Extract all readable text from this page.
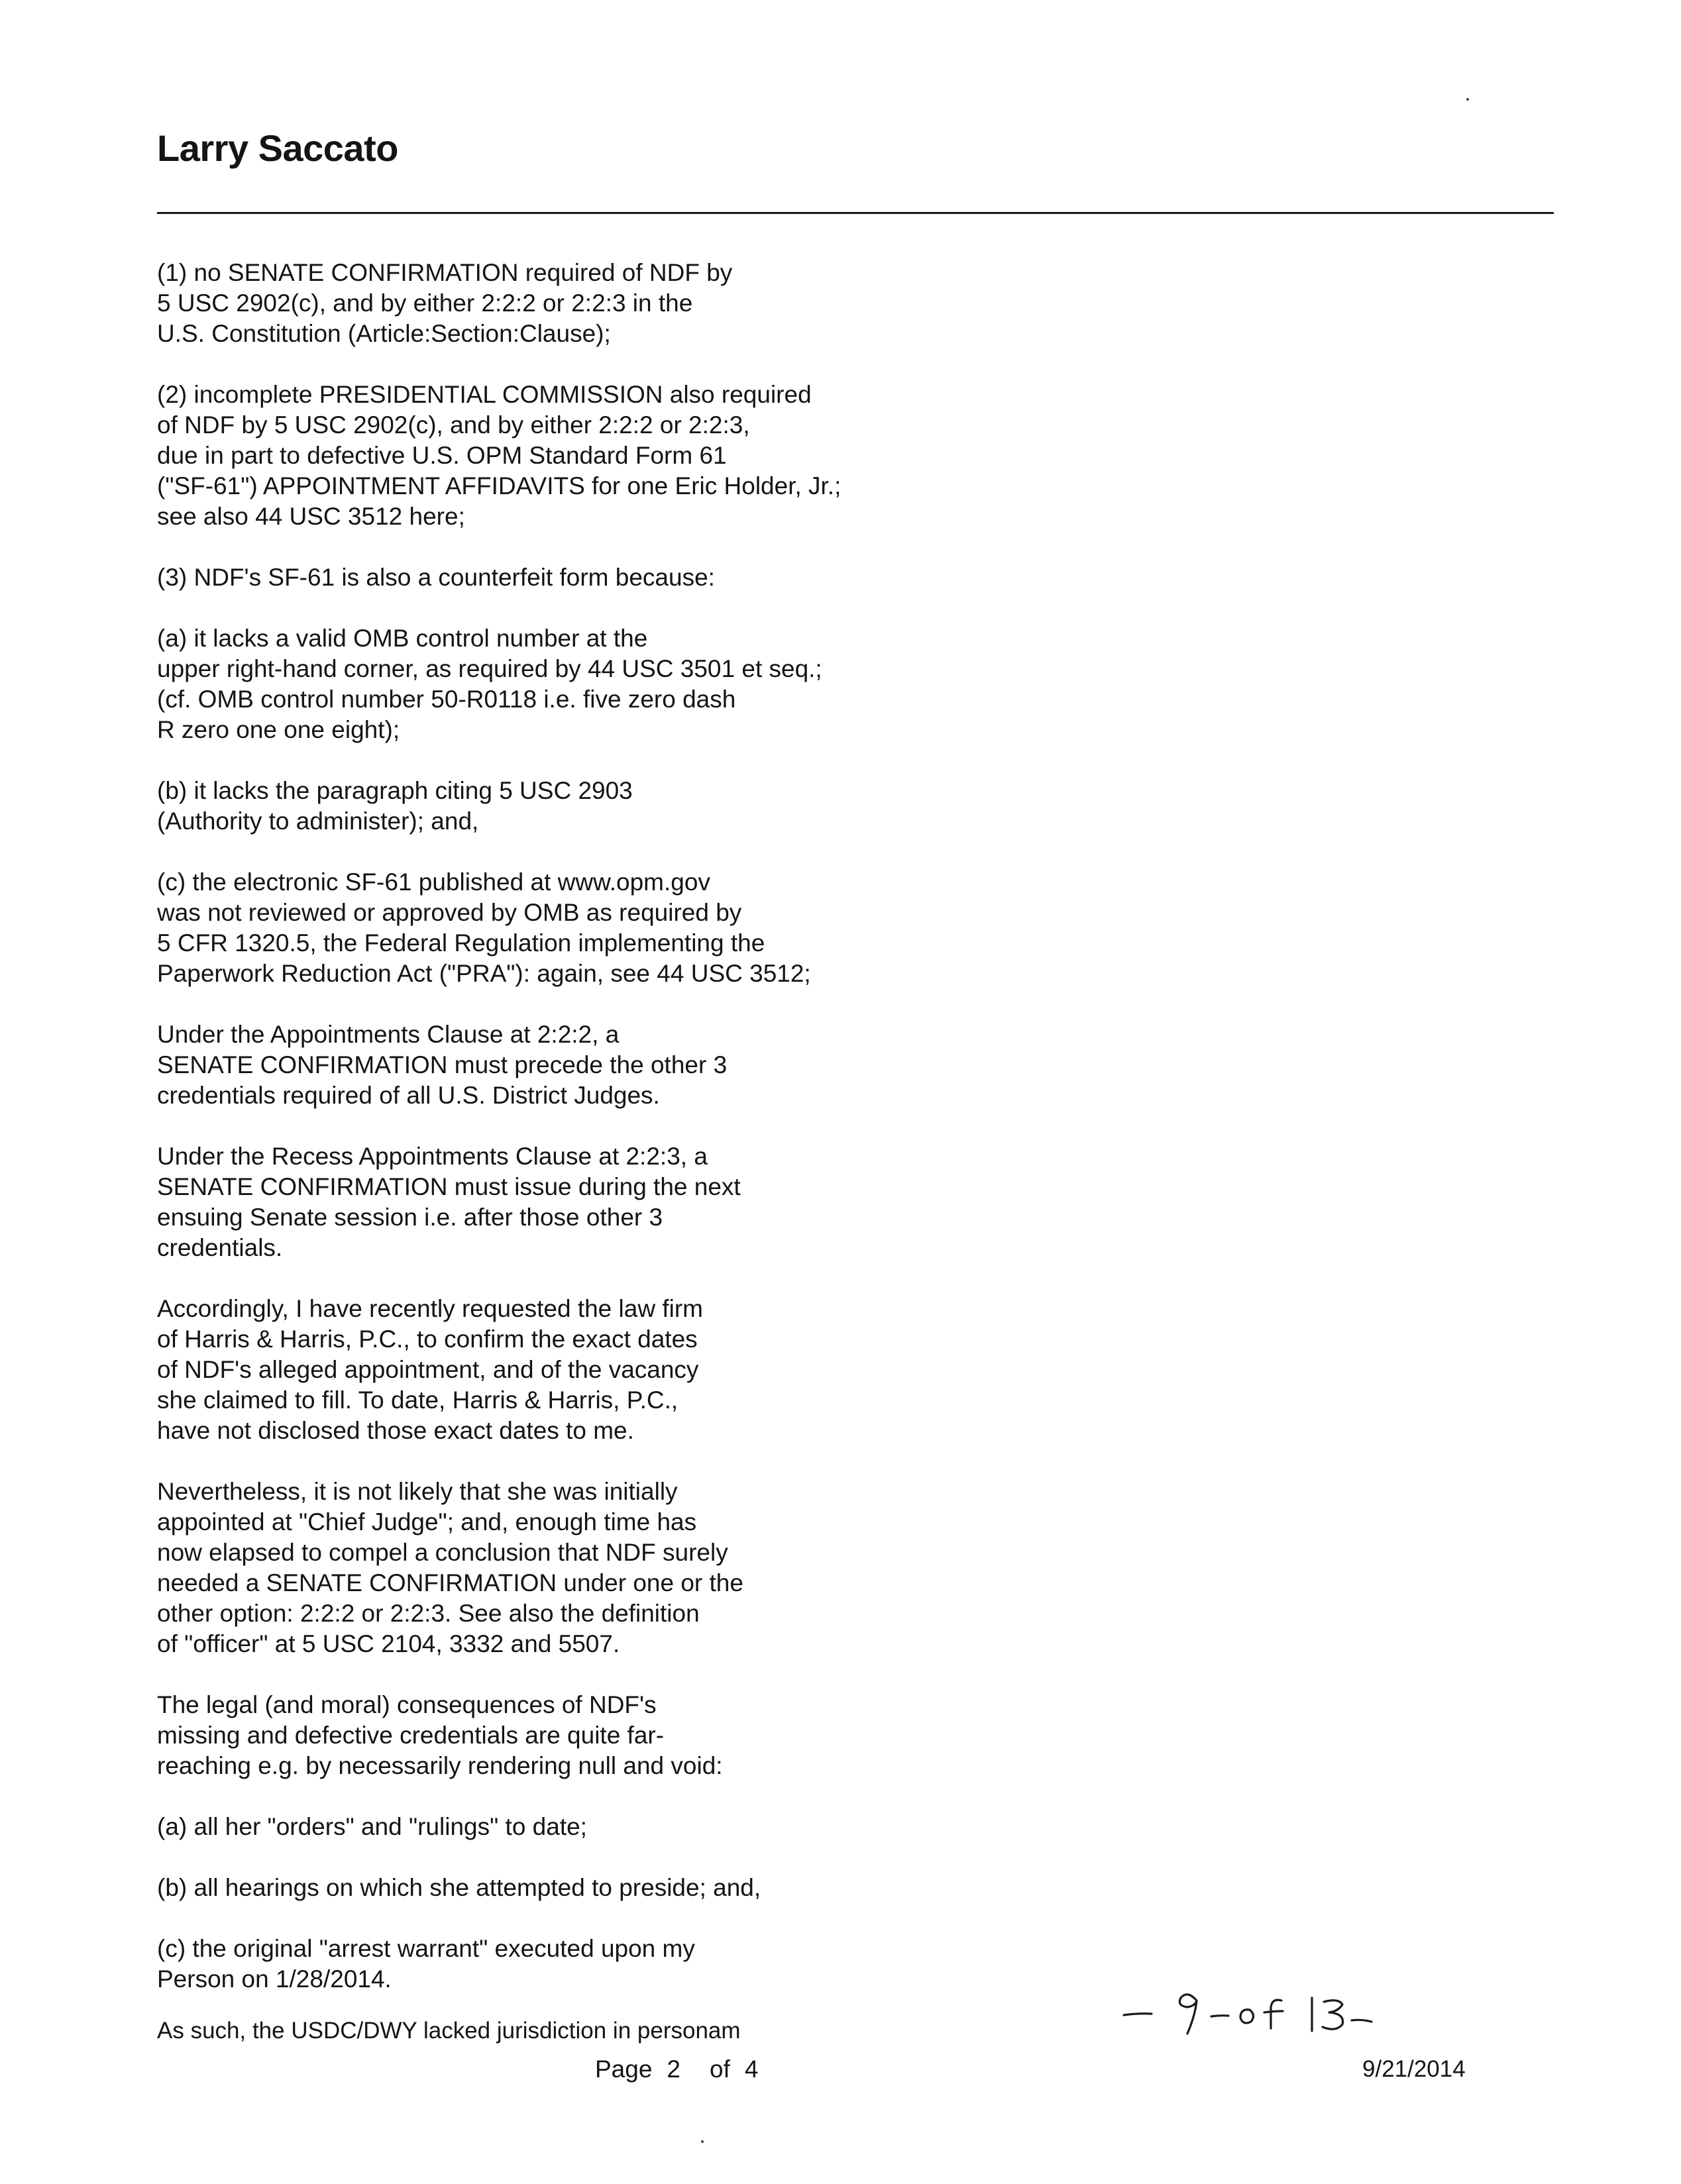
Larry Saccato
(1) no SENATE CONFIRMATION required of NDF by
5 USC 2902(c), and by either 2:2:2 or 2:2:3 in the
U.S. Constitution (Article:Section:Clause);
(2) incomplete PRESIDENTIAL COMMISSION also required
of NDF by 5 USC 2902(c), and by either 2:2:2 or 2:2:3,
due in part to defective U.S. OPM Standard Form 61
("SF-61") APPOINTMENT AFFIDAVITS for one Eric Holder, Jr.;
see also 44 USC 3512 here;
(3) NDF's SF-61 is also a counterfeit form because:
(a) it lacks a valid OMB control number at the
upper right-hand corner, as required by 44 USC 3501 et seq.;
(cf. OMB control number 50-R0118 i.e. five zero dash
R zero one one eight);
(b) it lacks the paragraph citing 5 USC 2903
(Authority to administer); and,
(c) the electronic SF-61 published at www.opm.gov
was not reviewed or approved by OMB as required by
5 CFR 1320.5, the Federal Regulation implementing the
Paperwork Reduction Act ("PRA"): again, see 44 USC 3512;
Under the Appointments Clause at 2:2:2, a
SENATE CONFIRMATION must precede the other 3
credentials required of all U.S. District Judges.
Under the Recess Appointments Clause at 2:2:3, a
SENATE CONFIRMATION must issue during the next
ensuing Senate session i.e. after those other 3
credentials.
Accordingly, I have recently requested the law firm
of Harris & Harris, P.C., to confirm the exact dates
of NDF's alleged appointment, and of the vacancy
she claimed to fill. To date, Harris & Harris, P.C.,
have not disclosed those exact dates to me.
Nevertheless, it is not likely that she was initially
appointed at "Chief Judge"; and, enough time has
now elapsed to compel a conclusion that NDF surely
needed a SENATE CONFIRMATION under one or the
other option: 2:2:2 or 2:2:3. See also the definition
of "officer" at 5 USC 2104, 3332 and 5507.
The legal (and moral) consequences of NDF's
missing and defective credentials are quite far-
reaching e.g. by necessarily rendering null and void:
(a) all her "orders" and "rulings" to date;
(b) all hearings on which she attempted to preside; and,
(c) the original "arrest warrant" executed upon my
Person on 1/28/2014.
As such, the USDC/DWY lacked jurisdiction in personam
Page 2 of 4	9/21/2014
